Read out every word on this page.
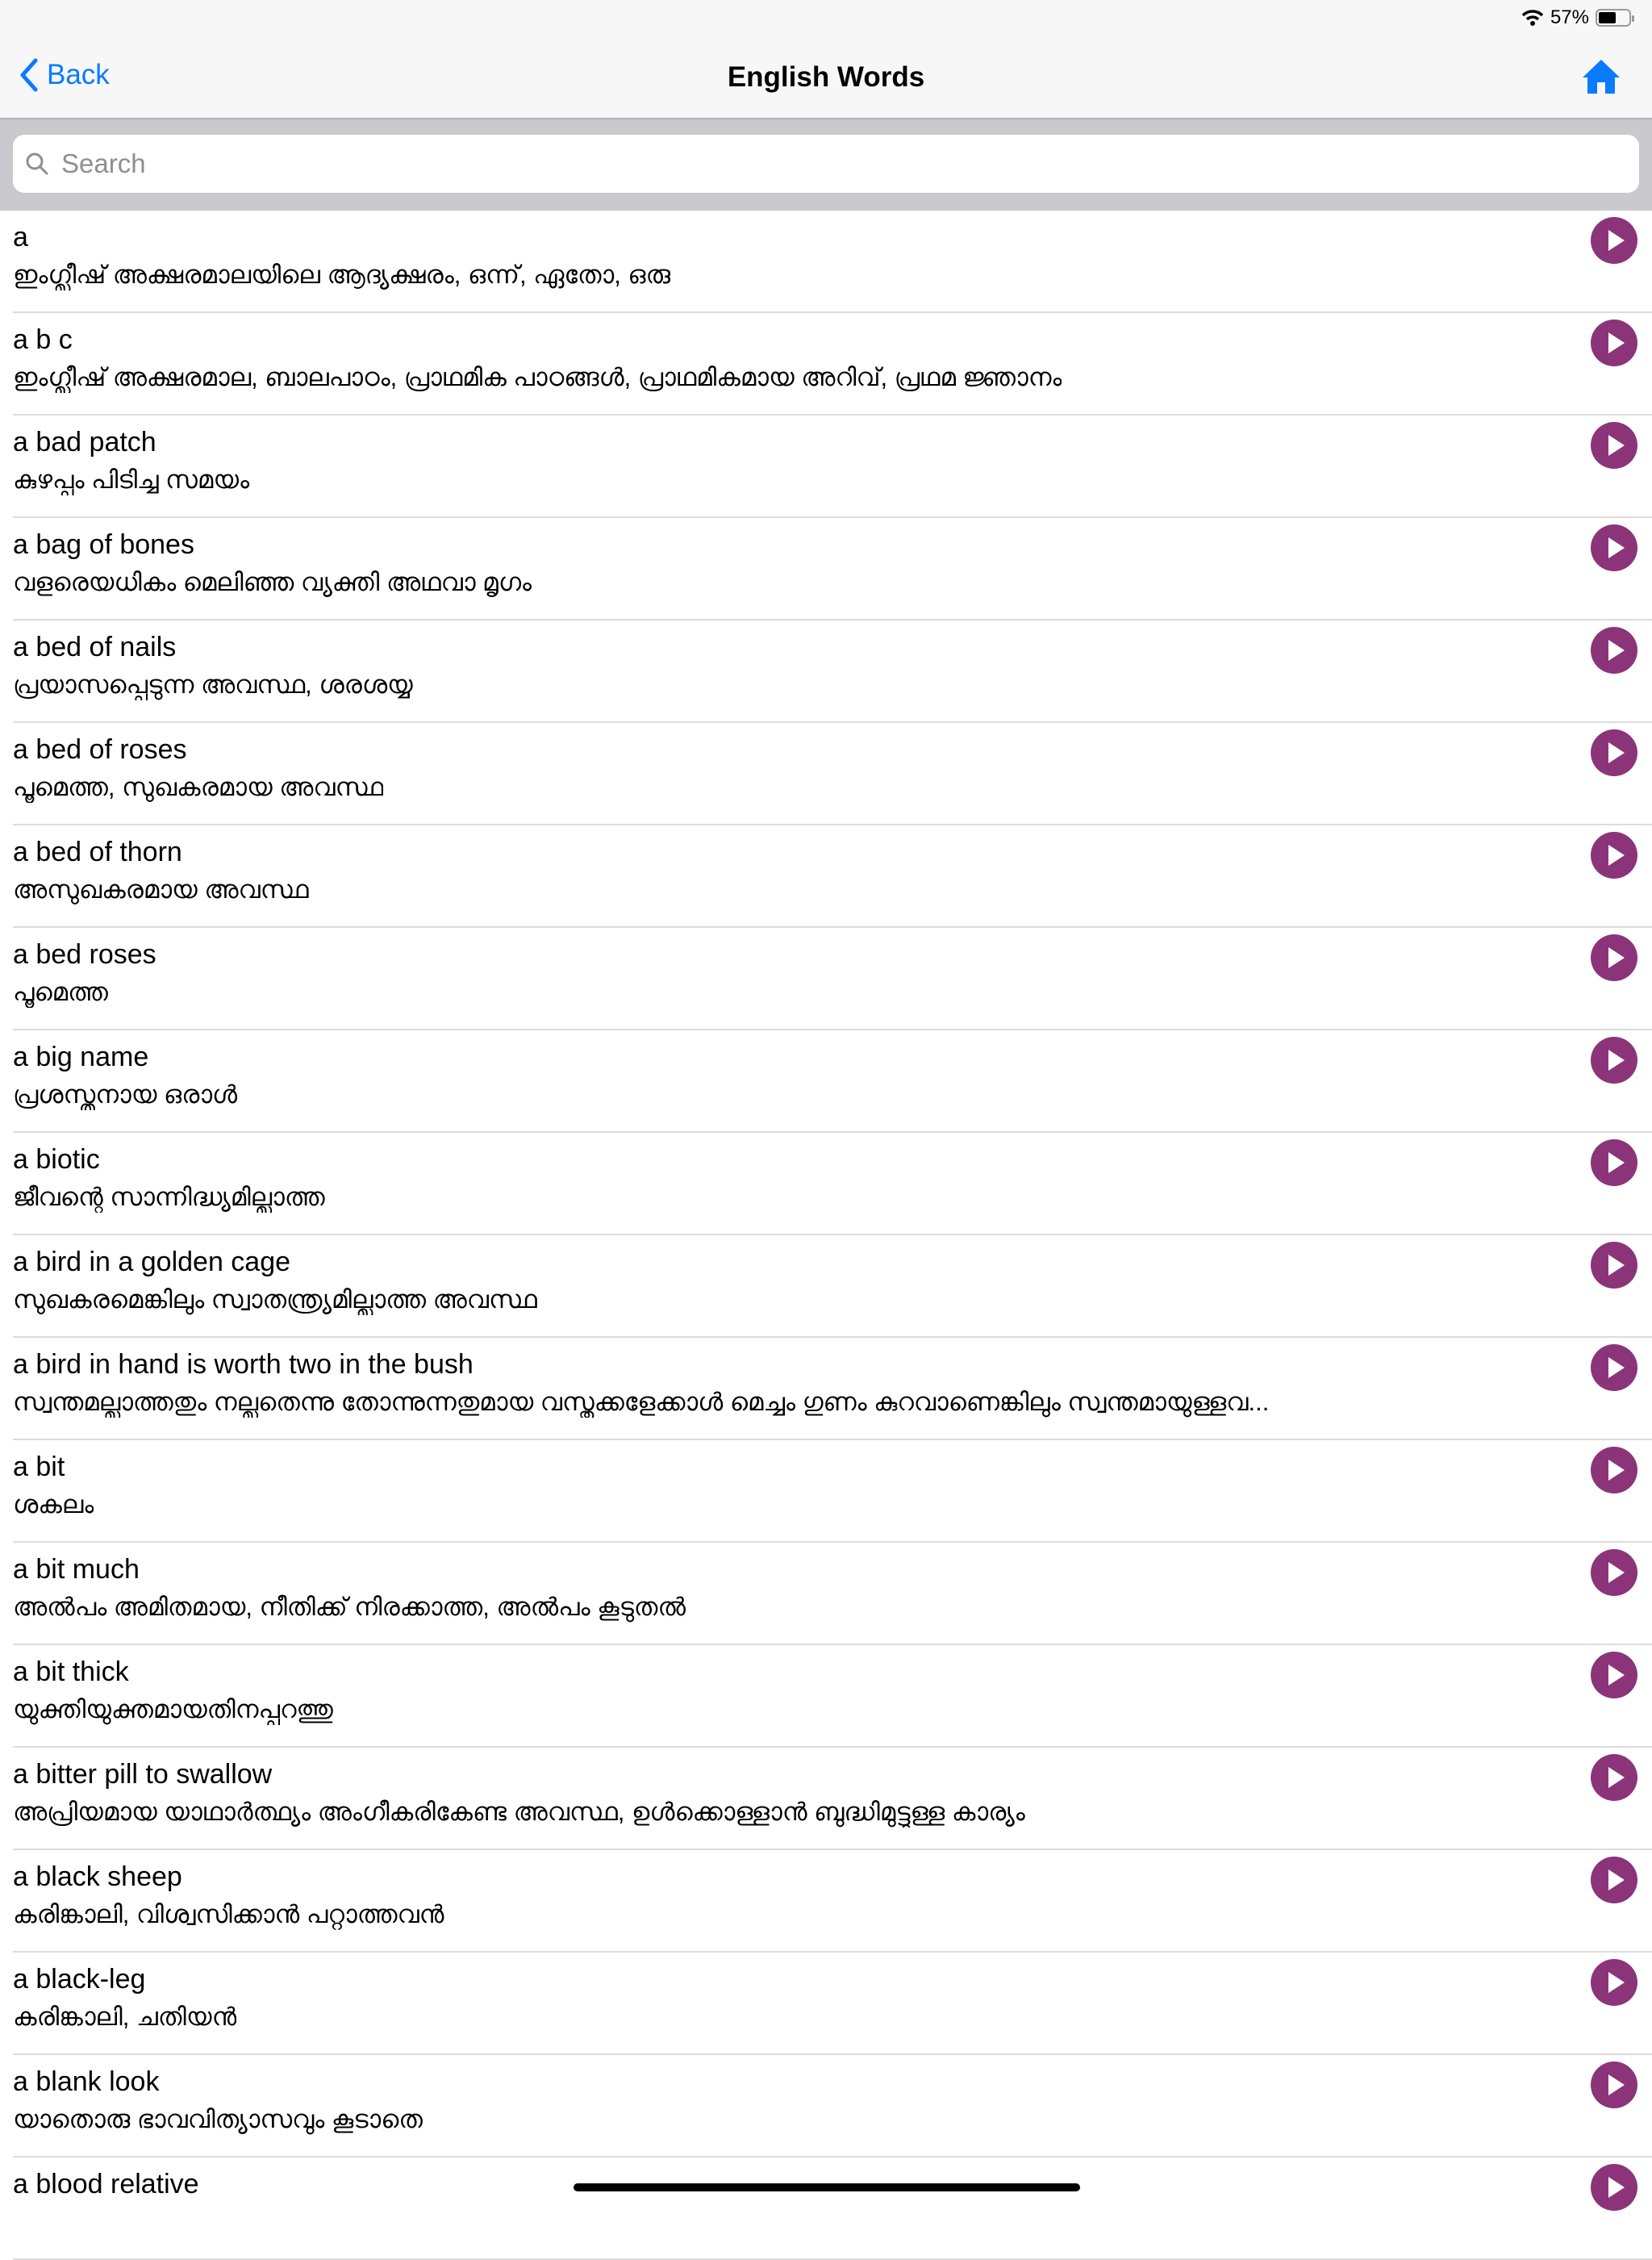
57%
Back	English Words
Search
a
ഇംഗ്ലീഷ് അക്ഷരമാലയിലെ ആദ്യക്ഷരം, ഒന്ന്, ഏതോ, ഒരു
a b c
ഇംഗ്ലീഷ് അക്ഷരമാല, ബാലപാഠം, പ്രാഥമിക പാഠങ്ങൾ, പ്രാഥമികമായ അറിവ്, പ്രഥമ ജ്ഞാനം
a bad patch
കുഴപ്പം പിടിച്ച സമയം
a bag of bones
വളരെയധികം മെലിഞ്ഞ വ്യക്തി അഥവാ മൃഗം
a bed of nails
പ്രയാസപ്പെടുന്ന അവസ്ഥ, ശരശയ്യ
a bed of roses
പൂമെത്ത, സുഖകരമായ അവസ്ഥ
a bed of thorn
അസുഖകരമായ അവസ്ഥ
a bed roses
പൂമെത്ത
a big name
പ്രശസ്തനായ ഒരാൾ
a biotic
ജീവന്റെ സാന്നിദ്ധ്യമില്ലാത്ത
a bird in a golden cage
സുഖകരമെങ്കിലും സ്വാതന്ത്ര്യമില്ലാത്ത അവസ്ഥ
a bird in hand is worth two in the bush
സ്വന്തമല്ലാത്തതും നല്ലതെന്നു തോന്നുന്നതുമായ വസ്തുക്കളേക്കാൾ മെച്ചം ഗുണം കുറവാണെങ്കിലും സ്വന്തമായുള്ളവ...
a bit
ശകലം
a bit much
അൽപം അമിതമായ, നീതിക്ക് നിരക്കാത്ത, അൽപം കൂടുതൽ
a bit thick
യുക്തിയുക്തമായതിനപ്പുറത്തു
a bitter pill to swallow
അപ്രിയമായ യാഥാർത്ഥ്യം അംഗീകരികേണ്ട അവസ്ഥ, ഉൾക്കൊള്ളാൻ ബുദ്ധിമുട്ടുള്ള കാര്യം
a black sheep
കരിങ്കാലി, വിശ്വസിക്കാൻ പറ്റാത്തവൻ
a black-leg
കരിങ്കാലി, ചതിയൻ
a blank look
യാതൊരു ഭാവവിത്യാസവും കൂടാതെ
a blood relative
